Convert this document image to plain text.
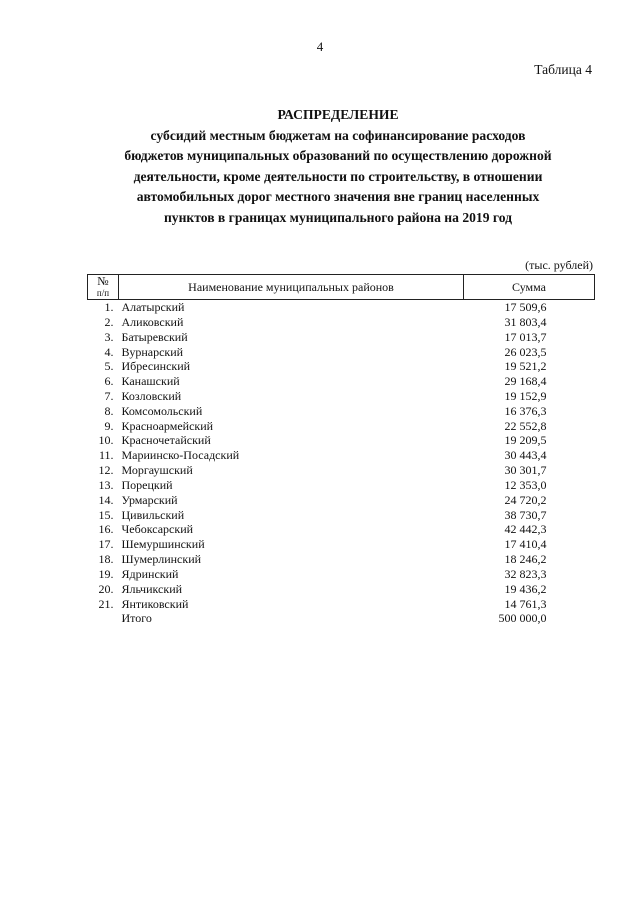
4
Таблица 4
РАСПРЕДЕЛЕНИЕ
субсидий местным бюджетам на софинансирование расходов
бюджетов муниципальных образований по осуществлению дорожной
деятельности, кроме деятельности по строительству, в отношении
автомобильных дорог местного значения вне границ населенных
пунктов в границах муниципального района на 2019 год
(тыс. рублей)
№
п/п	Наименование муниципальных районов	Сумма
1.	Алатырский	17 509,6
2.	Аликовский	31 803,4
3.	Батыревский	17 013,7
4.	Вурнарский	26 023,5
5.	Ибресинский	19 521,2
6.	Канашский	29 168,4
7.	Козловский	19 152,9
8.	Комсомольский	16 376,3
9.	Красноармейский	22 552,8
10.	Красночетайский	19 209,5
11.	Мариинско-Посадский	30 443,4
12.	Моргаушский	30 301,7
13.	Порецкий	12 353,0
14.	Урмарский	24 720,2
15.	Цивильский	38 730,7
16.	Чебоксарский	42 442,3
17.	Шемуршинский	17 410,4
18.	Шумерлинский	18 246,2
19.	Ядринский	32 823,3
20.	Яльчикский	19 436,2
21.	Янтиковский	14 761,3
	Итого	500 000,0
